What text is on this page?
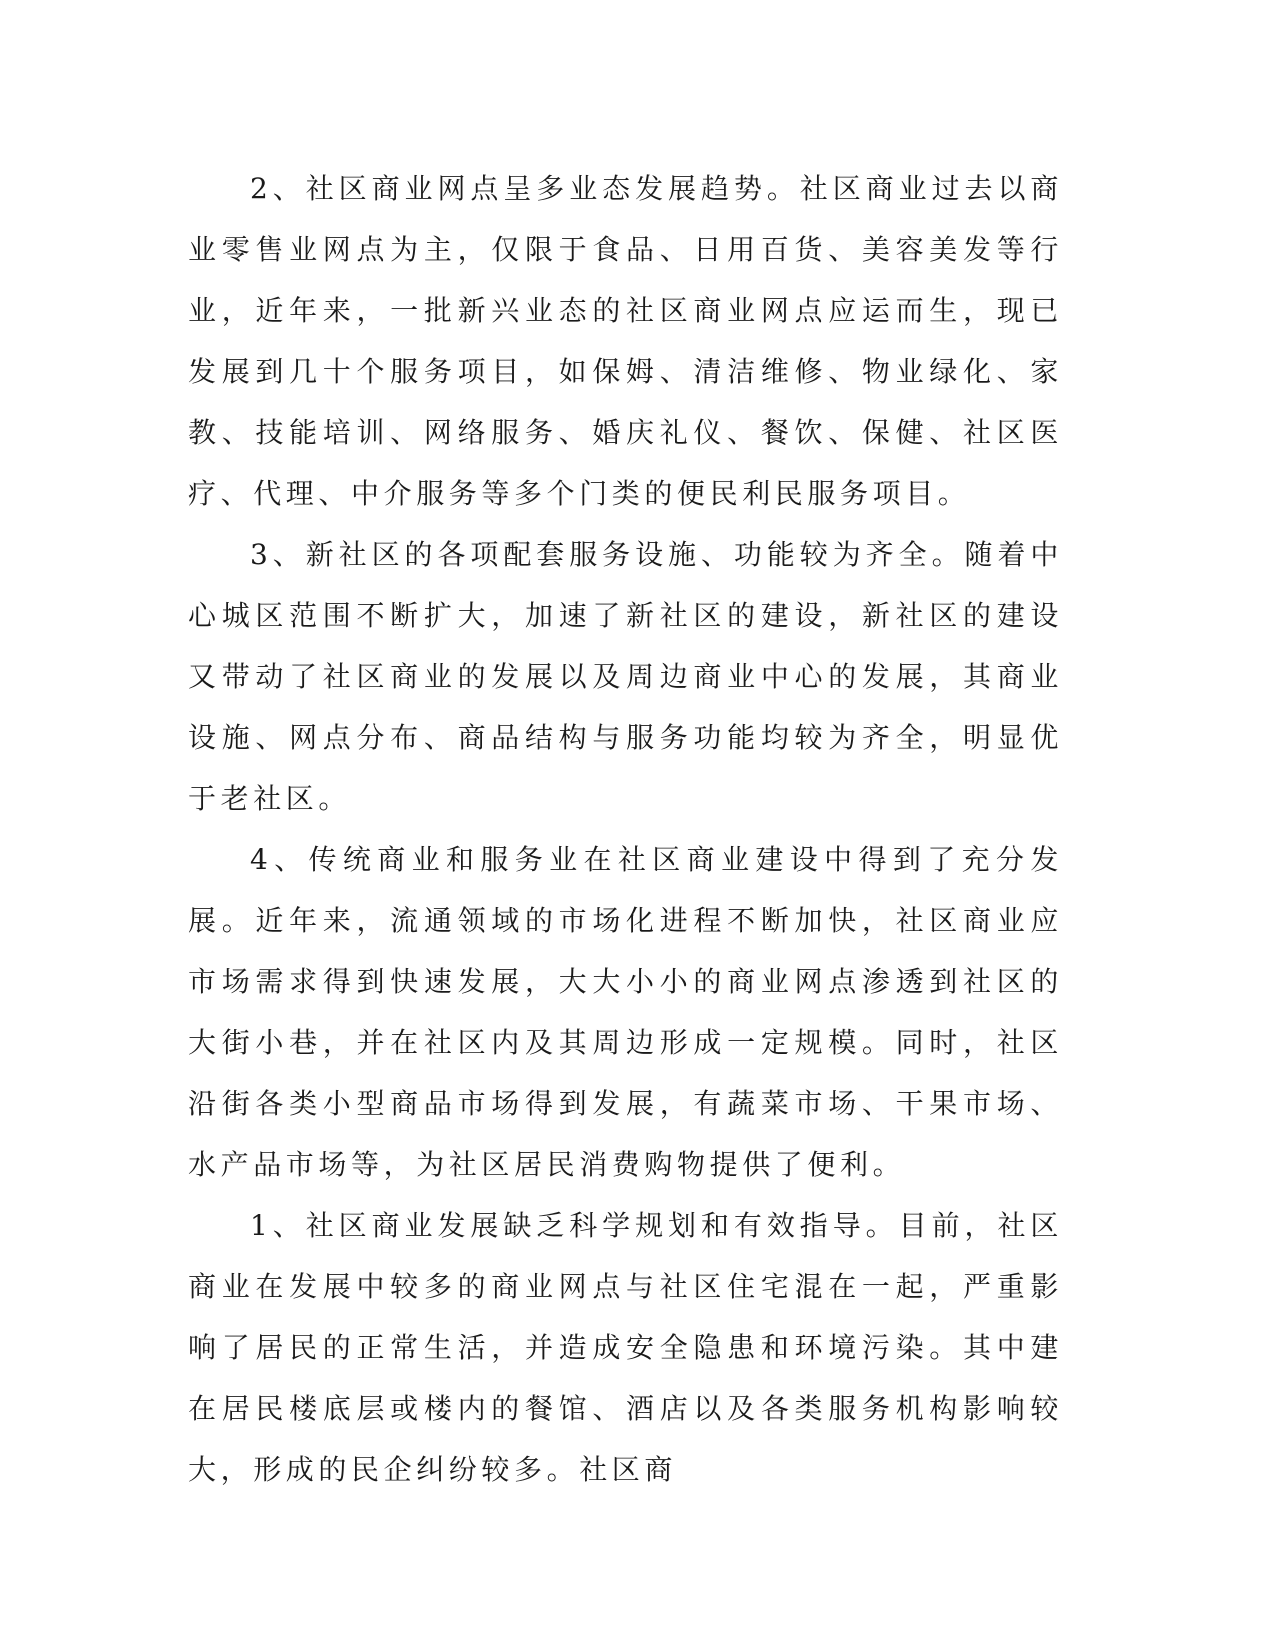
2、社区商业网点呈多业态发展趋势。社区商业过去以商业零售业网点为主，仅限于食品、日用百货、美容美发等行业，近年来，一批新兴业态的社区商业网点应运而生，现已发展到几十个服务项目，如保姆、清洁维修、物业绿化、家教、技能培训、网络服务、婚庆礼仪、餐饮、保健、社区医疗、代理、中介服务等多个门类的便民利民服务项目。

3、新社区的各项配套服务设施、功能较为齐全。随着中心城区范围不断扩大，加速了新社区的建设，新社区的建设又带动了社区商业的发展以及周边商业中心的发展，其商业设施、网点分布、商品结构与服务功能均较为齐全，明显优于老社区。

4、传统商业和服务业在社区商业建设中得到了充分发展。近年来，流通领域的市场化进程不断加快，社区商业应市场需求得到快速发展，大大小小的商业网点渗透到社区的大街小巷，并在社区内及其周边形成一定规模。同时，社区沿街各类小型商品市场得到发展，有蔬菜市场、干果市场、水产品市场等，为社区居民消费购物提供了便利。

1、社区商业发展缺乏科学规划和有效指导。目前，社区商业在发展中较多的商业网点与社区住宅混在一起，严重影响了居民的正常生活，并造成安全隐患和环境污染。其中建在居民楼底层或楼内的餐馆、酒店以及各类服务机构影响较大，形成的民企纠纷较多。社区商
